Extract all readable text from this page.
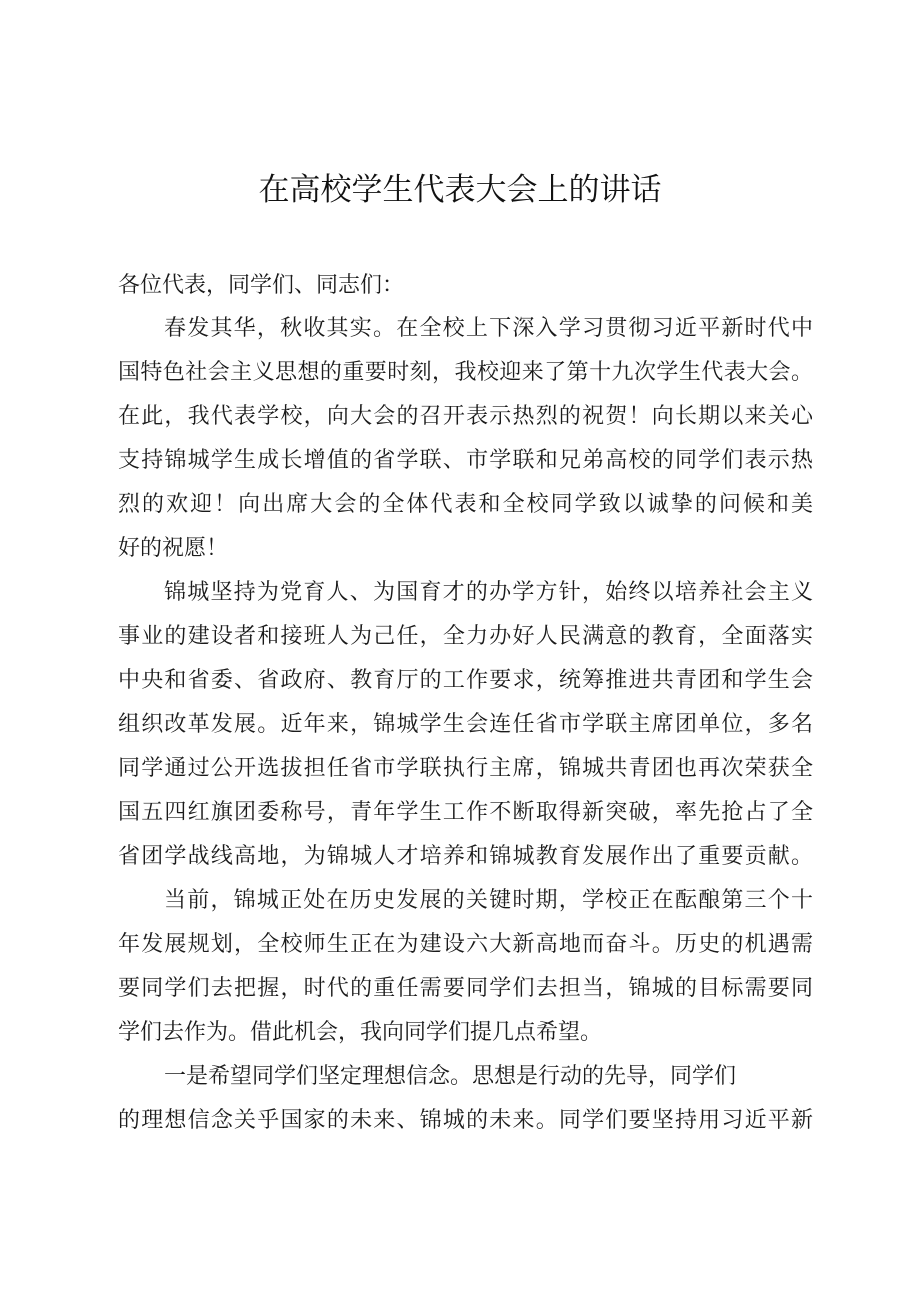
在高校学生代表大会上的讲话
各位代表，同学们、同志们：
春发其华，秋收其实。在全校上下深入学习贯彻习近平新时代中
国特色社会主义思想的重要时刻，我校迎来了第十九次学生代表大会。
在此，我代表学校，向大会的召开表示热烈的祝贺！向长期以来关心
支持锦城学生成长增值的省学联、市学联和兄弟高校的同学们表示热
烈的欢迎！向出席大会的全体代表和全校同学致以诚挚的问候和美
好的祝愿！
锦城坚持为党育人、为国育才的办学方针，始终以培养社会主义
事业的建设者和接班人为己任，全力办好人民满意的教育，全面落实
中央和省委、省政府、教育厅的工作要求，统筹推进共青团和学生会
组织改革发展。近年来，锦城学生会连任省市学联主席团单位，多名
同学通过公开选拔担任省市学联执行主席，锦城共青团也再次荣获全
国五四红旗团委称号，青年学生工作不断取得新突破，率先抢占了全
省团学战线高地，为锦城人才培养和锦城教育发展作出了重要贡献。
当前，锦城正处在历史发展的关键时期，学校正在酝酿第三个十
年发展规划，全校师生正在为建设六大新高地而奋斗。历史的机遇需
要同学们去把握，时代的重任需要同学们去担当，锦城的目标需要同
学们去作为。借此机会，我向同学们提几点希望。
一是希望同学们坚定理想信念。思想是行动的先导，同学们
的理想信念关乎国家的未来、锦城的未来。同学们要坚持用习近平新
